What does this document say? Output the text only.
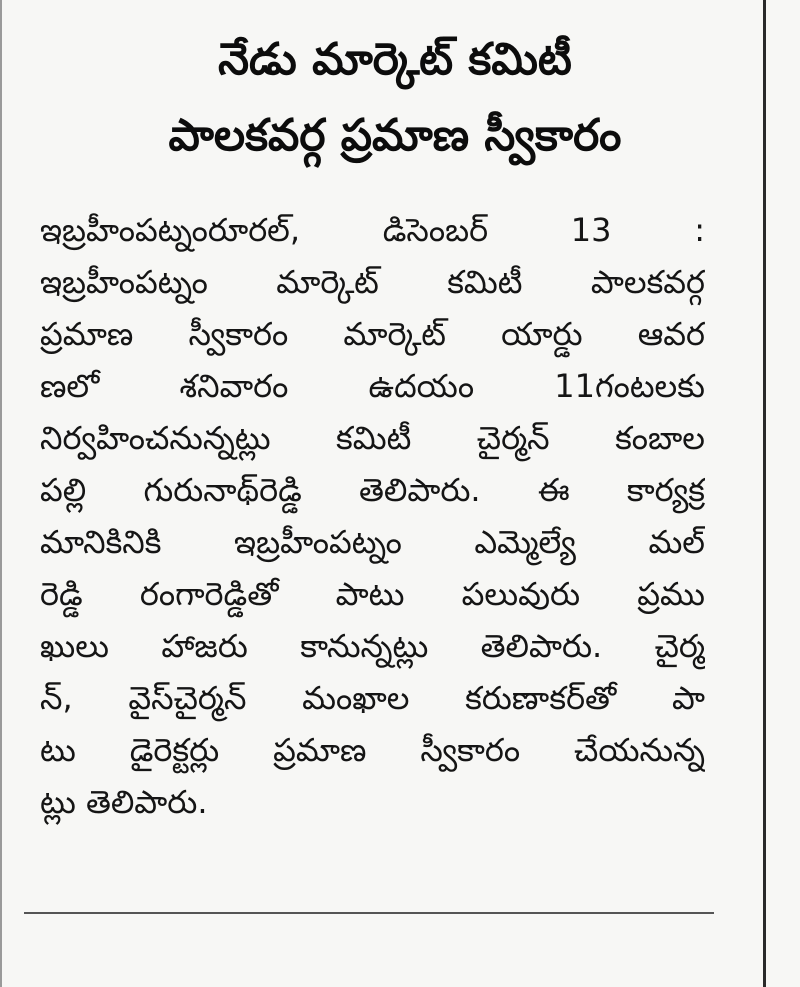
నేడు మార్కెట్ కమిటీ
పాలకవర్గ ప్రమాణ స్వీకారం
ఇబ్రహీంపట్నంరూరల్, డిసెంబర్ 13 :
ఇబ్రహీంపట్నం మార్కెట్ కమిటీ పాలకవర్గ
ప్రమాణ స్వీకారం మార్కెట్ యార్డు ఆవర
ణలో శనివారం ఉదయం 11గంటలకు
నిర్వహించనున్నట్లు కమిటీ చైర్మన్ కంబాల
పల్లి గురునాథ్‌రెడ్డి తెలిపారు. ఈ కార్యక్ర
మానికినికి ఇబ్రహీంపట్నం ఎమ్మెల్యే మల్
రెడ్డి రంగారెడ్డితో పాటు పలువురు ప్రము
ఖులు హాజరు కానున్నట్లు తెలిపారు. చైర్మ
న్, వైస్‌చైర్మన్ మంఖాల కరుణాకర్‌తో పా
టు డైరెక్టర్లు ప్రమాణ స్వీకారం చేయనున్న
ట్లు తెలిపారు.
